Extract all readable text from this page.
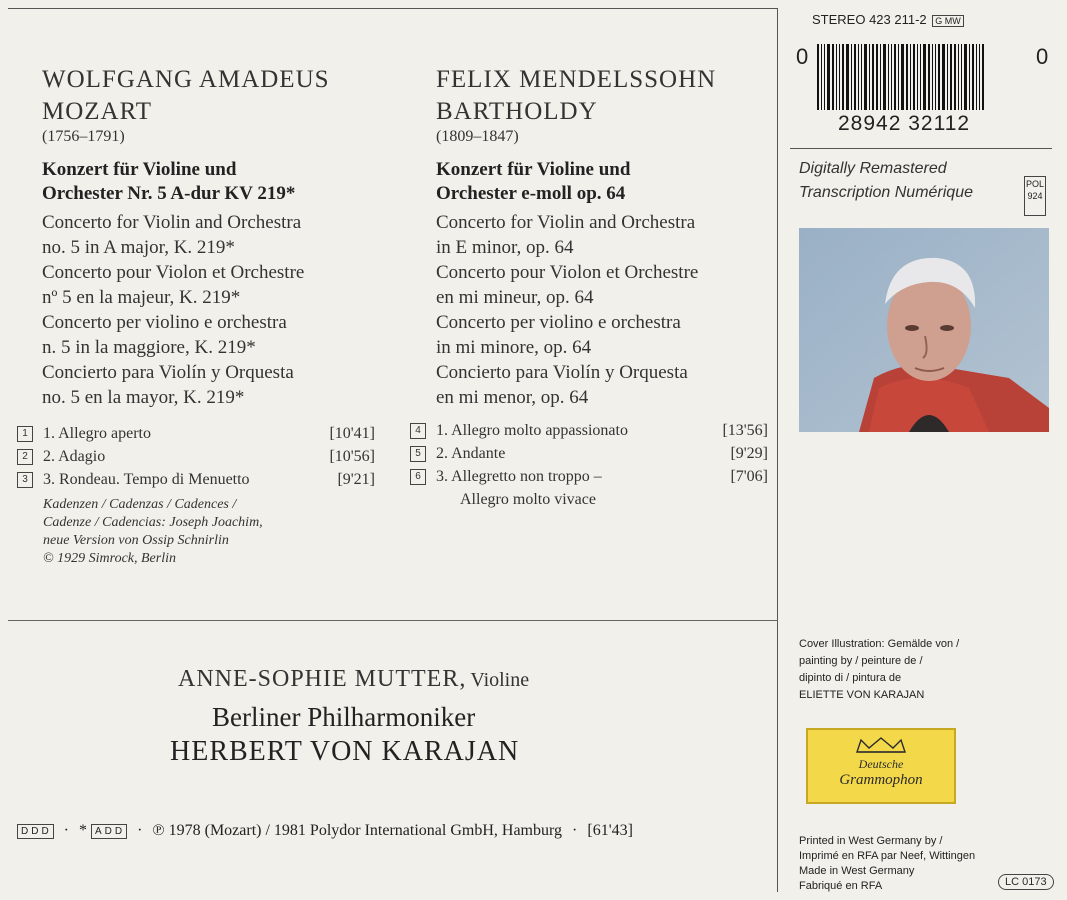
WOLFGANG AMADEUS
MOZART
(1756–1791)
Konzert für Violine und
Orchester Nr. 5 A-dur KV 219*
Concerto for Violin and Orchestra
no. 5 in A major, K. 219*
Concerto pour Violon et Orchestre
nº 5 en la majeur, K. 219*
Concerto per violino e orchestra
n. 5 in la maggiore, K. 219*
Concierto para Violín y Orquesta
no. 5 en la mayor, K. 219*
1 1. Allegro aperto	[10'41]
2 2. Adagio	[10'56]
3 3. Rondeau. Tempo di Menuetto	[9'21]
Kadenzen / Cadenzas / Cadences /
Cadenze / Cadencias: Joseph Joachim,
neue Version von Ossip Schnirlin
© 1929 Simrock, Berlin
FELIX MENDELSSOHN
BARTHOLDY
(1809–1847)
Konzert für Violine und
Orchester e-moll op. 64
Concerto for Violin and Orchestra
in E minor, op. 64
Concerto pour Violon et Orchestre
en mi mineur, op. 64
Concerto per violino e orchestra
in mi minore, op. 64
Concierto para Violín y Orquesta
en mi menor, op. 64
4 1. Allegro molto appassionato	[13'56]
5 2. Andante	[9'29]
6 3. Allegretto non troppo –	[7'06]
Allegro molto vivace
ANNE-SOPHIE MUTTER, Violine
Berliner Philharmoniker
HERBERT VON KARAJAN
DDD · * ADD · ℗ 1978 (Mozart) / 1981 Polydor International GmbH, Hamburg · [61'43]
STEREO 423 211-2 G MW
0	0
28942 32112
Digitally Remastered
Transcription Numérique	POL
924
Cover Illustration: Gemälde von /
painting by / peinture de /
dipinto di / pintura de
ELIETTE VON KARAJAN
Deutsche
Grammophon
Printed in West Germany by /
Imprimé en RFA par Neef, Wittingen
Made in West Germany
Fabriqué en RFA	LC 0173
